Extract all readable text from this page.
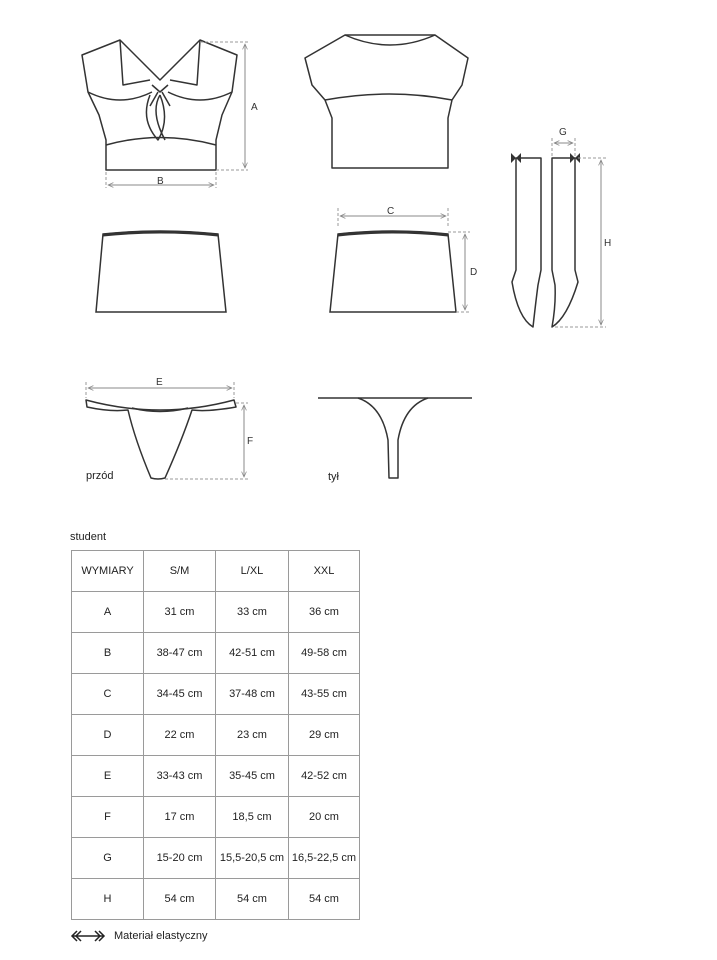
A
B
C
D
G
H
E
F
przód	tył
student
WYMIARY	S/M	L/XL	XXL
A	31 cm	33 cm	36 cm
B	38-47 cm	42-51 cm	49-58 cm
C	34-45 cm	37-48 cm	43-55 cm
D	22 cm	23 cm	29 cm
E	33-43 cm	35-45 cm	42-52 cm
F	17 cm	18,5 cm	20 cm
G	15-20 cm	15,5-20,5 cm	16,5-22,5 cm
H	54 cm	54 cm	54 cm
Materiał elastyczny
